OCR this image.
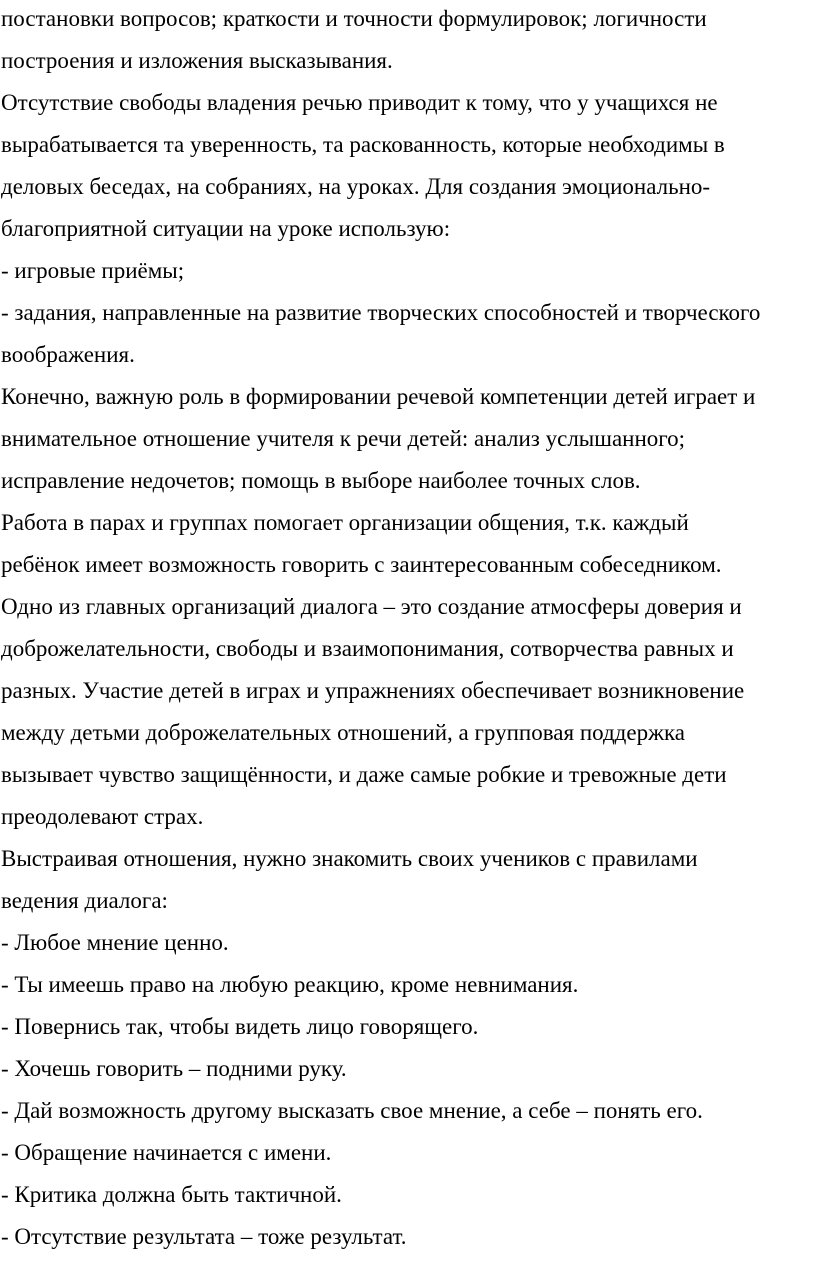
постановки вопросов; краткости и точности формулировок; логичности
построения и изложения высказывания.
Отсутствие свободы владения речью приводит к тому, что у учащихся не
вырабатывается та уверенность, та раскованность, которые необходимы в
деловых беседах, на собраниях, на уроках. Для создания эмоционально-
благоприятной ситуации на уроке использую:
- игровые приёмы;
- задания, направленные на развитие творческих способностей и творческого
воображения.
Конечно, важную роль в формировании речевой компетенции детей играет и
внимательное отношение учителя к речи детей: анализ услышанного;
исправление недочетов; помощь в выборе наиболее точных слов.
Работа в парах и группах помогает организации общения, т.к. каждый
ребёнок имеет возможность говорить с заинтересованным собеседником.
Одно из главных организаций диалога – это создание атмосферы доверия и
доброжелательности, свободы и взаимопонимания, сотворчества равных и
разных. Участие детей в играх и упражнениях обеспечивает возникновение
между детьми доброжелательных отношений, а групповая поддержка
вызывает чувство защищённости, и даже самые робкие и тревожные дети
преодолевают страх.
Выстраивая отношения, нужно знакомить своих учеников с правилами
ведения диалога:
- Любое мнение ценно.
- Ты имеешь право на любую реакцию, кроме невнимания.
- Повернись так, чтобы видеть лицо говорящего.
- Хочешь говорить – подними руку.
- Дай возможность другому высказать свое мнение, а себе – понять его.
- Обращение начинается с имени.
- Критика должна быть тактичной.
- Отсутствие результата – тоже результат.
